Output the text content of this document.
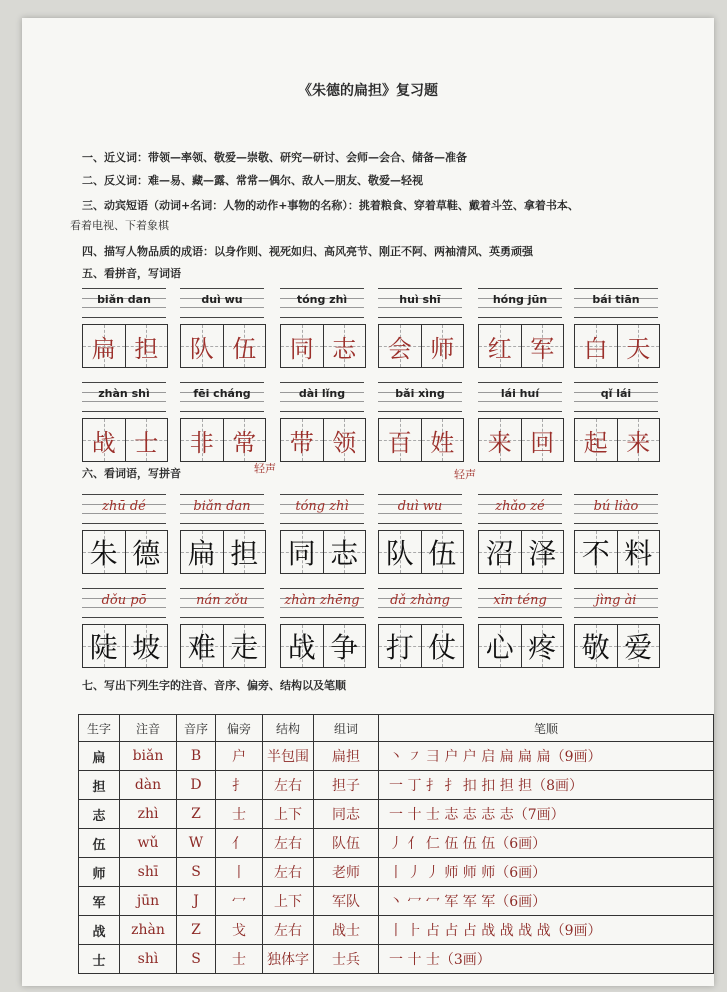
《朱德的扁担》复习题
一、近义词：带领—率领、敬爱—崇敬、研究—研讨、会师—会合、储备—准备
二、反义词：难—易、藏—露、常常—偶尔、敌人—朋友、敬爱—轻视
三、动宾短语（动词+名词：人物的动作+事物的名称）：挑着粮食、穿着草鞋、戴着斗笠、拿着书本、
看着电视、下着象棋
四、描写人物品质的成语：以身作则、视死如归、高风亮节、刚正不阿、两袖清风、英勇顽强
五、看拼音，写词语
biǎn dan
扁 担
duì wu
队 伍
tóng zhì
同 志
huì shī
会 师
hóng jūn
红 军
bái tiān
白 天
zhàn shì
战 士
fēi cháng
非 常
dài lǐng
带 领
bǎi xìng
百 姓
lái huí
来 回
qǐ lái
起 来
六、看词语，写拼音	轻声	轻声
zhū dé
朱 德
biǎn dan
扁 担
tóng zhì
同 志
duì wu
队 伍
zhǎo zé
沼 泽
bú liào
不 料
dǒu pō
陡 坡
nán zǒu
难 走
zhàn zhēng
战 争
dǎ zhàng
打 仗
xīn téng
心 疼
jìng ài
敬 爱
七、写出下列生字的注音、音序、偏旁、结构以及笔顺
生字	注音	音序	偏旁	结构	组词	笔顺
扁	biǎn	B	户	半包围	扁担	丶 ㇇ 彐 户 户 启 扁 扁 扁（9画）
担	dàn	D	扌	左右	担子	一 丁 扌 扌 扣 扣 担 担（8画）
志	zhì	Z	士	上下	同志	一 十 士 志 志 志 志（7画）
伍	wǔ	W	亻	左右	队伍	丿 亻 仁 伍 伍 伍（6画）
师	shī	S	丨	左右	老师	丨 丿 丿 师 师 师（6画）
军	jūn	J	冖	上下	军队	丶 冖 冖 军 军 军（6画）
战	zhàn	Z	戈	左右	战士	丨 ⺊ 占 占 占 战 战 战 战（9画）
士	shì	S	士	独体字	士兵	一 十 士（3画）
